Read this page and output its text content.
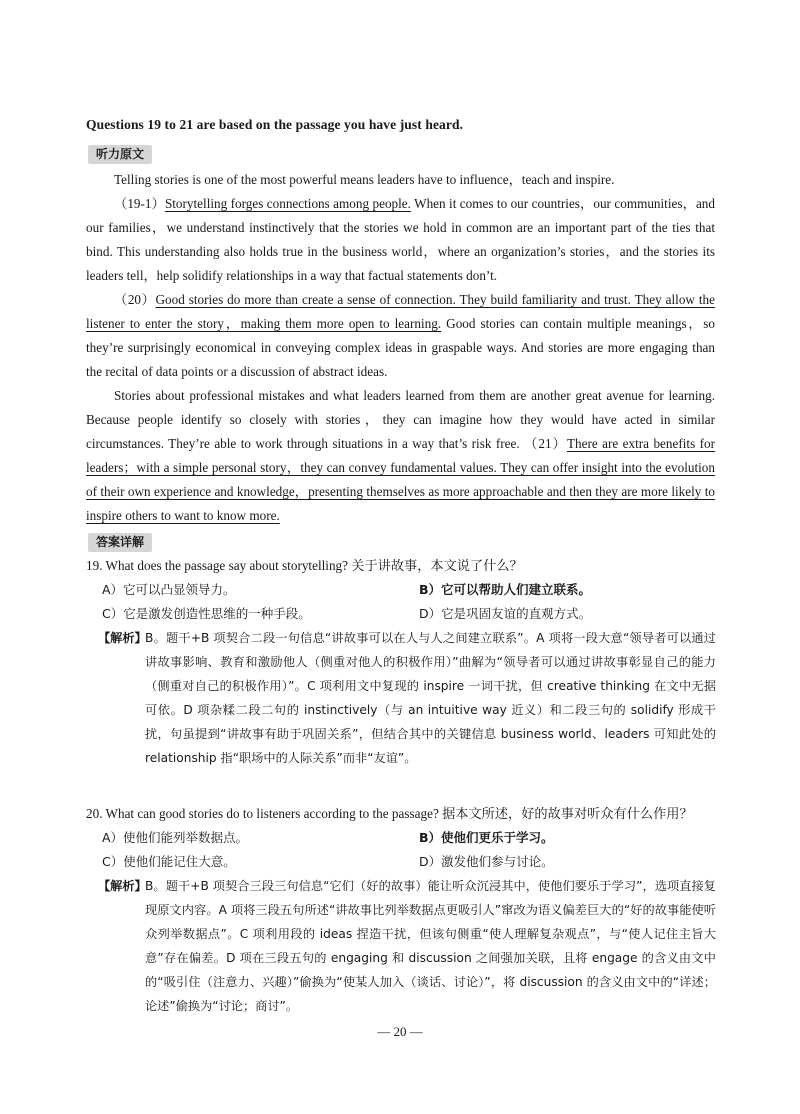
Questions 19 to 21 are based on the passage you have just heard.
听力原文

Telling stories is one of the most powerful means leaders have to influence，teach and inspire.

（19-1）Storytelling forges connections among people. When it comes to our countries，our communities，and our families，we understand instinctively that the stories we hold in common are an important part of the ties that bind. This understanding also holds true in the business world，where an organization’s stories，and the stories its leaders tell，help solidify relationships in a way that factual statements don’t.

（20）Good stories do more than create a sense of connection. They build familiarity and trust. They allow the listener to enter the story，making them more open to learning. Good stories can contain multiple meanings，so they’re surprisingly economical in conveying complex ideas in graspable ways. And stories are more engaging than the recital of data points or a discussion of abstract ideas.

Stories about professional mistakes and what leaders learned from them are another great avenue for learning. Because people identify so closely with stories，they can imagine how they would have acted in similar circumstances. They’re able to work through situations in a way that’s risk free. （21）There are extra benefits for leaders；with a simple personal story，they can convey fundamental values. They can offer insight into the evolution of their own experience and knowledge，presenting themselves as more approachable and then they are more likely to inspire others to want to know more.

答案详解
19. What does the passage say about storytelling? 关于讲故事，本文说了什么？
A）它可以凸显领导力。	B）它可以帮助人们建立联系。
C）它是激发创造性思维的一种手段。	D）它是巩固友谊的直观方式。
【解析】
B。题干+B 项契合二段一句信息“讲故事可以在人与人之间建立联系”。A 项将一段大意“领导者可以通过讲故事影响、教育和激励他人（侧重对他人的积极作用）”曲解为“领导者可以通过讲故事彰显自己的能力（侧重对自己的积极作用）”。C 项利用文中复现的 inspire 一词干扰，但 creative thinking 在文中无据可依。D 项杂糅二段二句的 instinctively（与 an intuitive way 近义）和二段三句的 solidify 形成干扰，句虽提到“讲故事有助于巩固关系”，但结合其中的关键信息 business world、leaders 可知此处的 relationship 指“职场中的人际关系”而非“友谊”。
20. What can good stories do to listeners according to the passage? 据本文所述，好的故事对听众有什么作用？
A）使他们能列举数据点。	B）使他们更乐于学习。
C）使他们能记住大意。	D）激发他们参与讨论。
【解析】
B。题干+B 项契合三段三句信息“它们（好的故事）能让听众沉浸其中，使他们要乐于学习”，选项直接复现原文内容。A 项将三段五句所述“讲故事比列举数据点更吸引人”窜改为语义偏差巨大的“好的故事能使听众列举数据点”。C 项利用段的 ideas 捏造干扰，但该句侧重“使人理解复杂观点”，与“使人记住主旨大意”存在偏差。D 项在三段五句的 engaging 和 discussion 之间强加关联，且将 engage 的含义由文中的“吸引住（注意力、兴趣）”偷换为“使某人加入（谈话、讨论）”，将 discussion 的含义由文中的“详述；论述”偷换为“讨论；商讨”。
— 20 —
